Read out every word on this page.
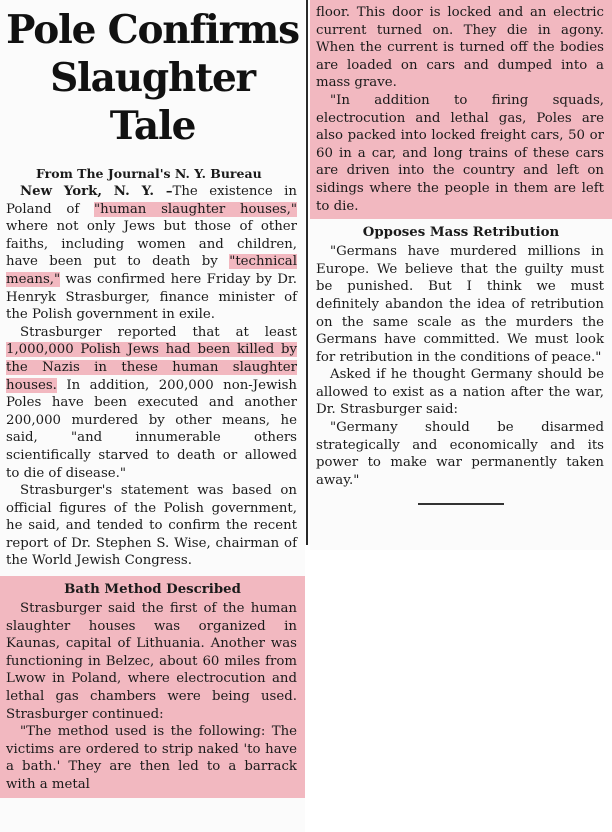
Pole Confirms
Slaughter Tale
From The Journal's N. Y. Bureau

New York, N. Y. –The existence in Poland of "human slaughter houses," where not only Jews but those of other faiths, including women and children, have been put to death by "technical means," was confirmed here Friday by Dr. Henryk Strasburger, finance minister of the Polish government in exile.

Strasburger reported that at least 1,000,000 Polish Jews had been killed by the Nazis in these human slaughter houses. In addition, 200,000 non-Jewish Poles have been executed and another 200,000 murdered by other means, he said, "and innumerable others scientifically starved to death or allowed to die of disease."

Strasburger's statement was based on official figures of the Polish government, he said, and tended to confirm the recent report of Dr. Stephen S. Wise, chairman of the World Jewish Congress.

Bath Method Described

Strasburger said the first of the human slaughter houses was organized in Kaunas, capital of Lithuania. Another was functioning in Belzec, about 60 miles from Lwow in Poland, where electrocution and lethal gas chambers were being used. Strasburger continued:

"The method used is the following: The victims are ordered to strip naked 'to have a bath.' They are then led to a barrack with a metal

floor. This door is locked and an electric current turned on. They die in agony. When the current is turned off the bodies are loaded on cars and dumped into a mass grave.

"In addition to firing squads, electrocution and lethal gas, Poles are also packed into locked freight cars, 50 or 60 in a car, and long trains of these cars are driven into the country and left on sidings where the people in them are left to die.

Opposes Mass Retribution

"Germans have murdered millions in Europe. We believe that the guilty must be punished. But I think we must definitely abandon the idea of retribution on the same scale as the murders the Germans have committed. We must look for retribution in the conditions of peace."

Asked if he thought Germany should be allowed to exist as a nation after the war, Dr. Strasburger said:

"Germany should be disarmed strategically and economically and its power to make war permanently taken away."
